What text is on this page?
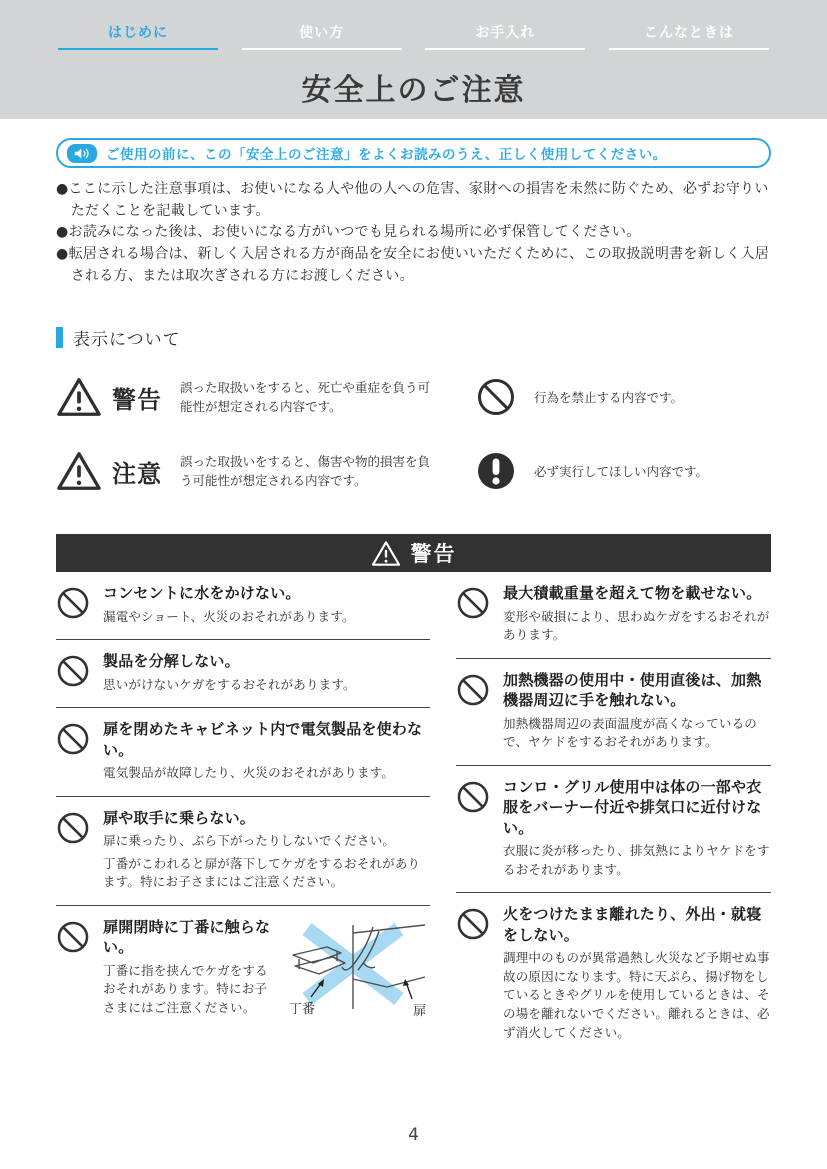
はじめに	使い方	お手入れ	こんなときは
安全上のご注意
ご使用の前に、この「安全上のご注意」をよくお読みのうえ、正しく使用してください。

●ここに示した注意事項は、お使いになる人や他の人への危害、家財への損害を未然に防ぐため、必ずお守りいただくことを記載しています。

●お読みになった後は、お使いになる方がいつでも見られる場所に必ず保管してください。

●転居される場合は、新しく入居される方が商品を安全にお使いいただくために、この取扱説明書を新しく入居される方、または取次ぎされる方にお渡しください。

表示について
警告 誤った取扱いをすると、死亡や重症を負う可能性が想定される内容です。
行為を禁止する内容です。
注意 誤った取扱いをすると、傷害や物的損害を負う可能性が想定される内容です。
必ず実行してほしい内容です。
警告
コンセントに水をかけない。
漏電やショート、火災のおそれがあります。
製品を分解しない。
思いがけないケガをするおそれがあります。
扉を閉めたキャビネット内で電気製品を使わない。
電気製品が故障したり、火災のおそれがあります。
扉や取手に乗らない。
扉に乗ったり、ぶら下がったりしないでください。
丁番がこわれると扉が落下してケガをするおそれがあります。特にお子さまにはご注意ください。
扉開閉時に丁番に触らない。
丁番に指を挟んでケガをするおそれがあります。特にお子さまにはご注意ください。	丁番	扉
最大積載重量を超えて物を載せない。
変形や破損により、思わぬケガをするおそれがあります。
加熱機器の使用中・使用直後は、加熱機器周辺に手を触れない。
加熱機器周辺の表面温度が高くなっているので、ヤケドをするおそれがあります。
コンロ・グリル使用中は体の一部や衣服をバーナー付近や排気口に近付けない。
衣服に炎が移ったり、排気熱によりヤケドをするおそれがあります。
火をつけたまま離れたり、外出・就寝をしない。
調理中のものが異常過熱し火災など予期せぬ事故の原因になります。特に天ぷら、揚げ物をしているときやグリルを使用しているときは、その場を離れないでください。離れるときは、必ず消火してください。
4
